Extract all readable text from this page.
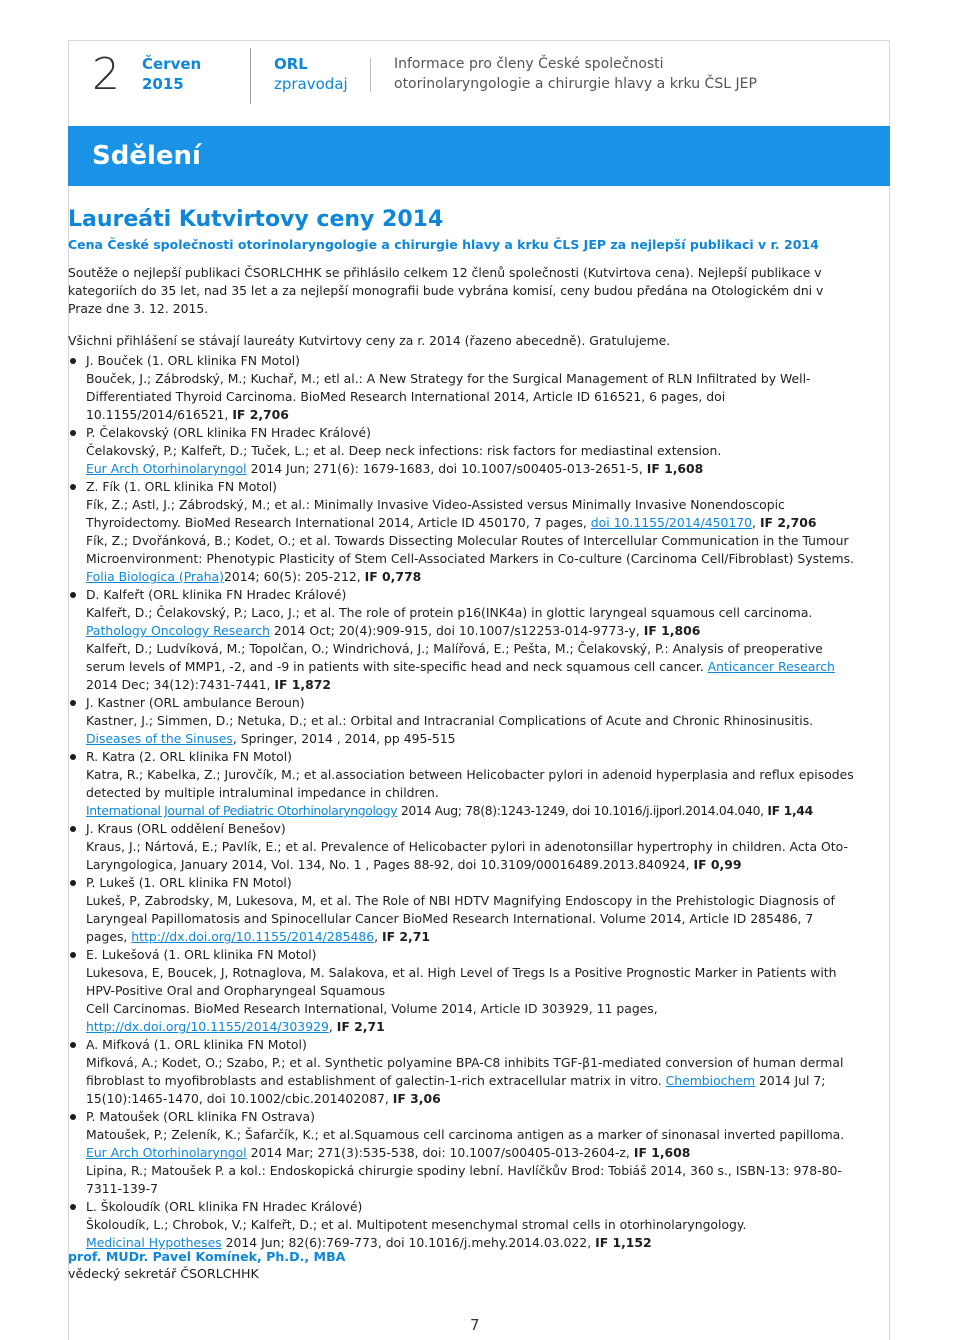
2 Červen
2015
ORL
zpravodaj
Informace pro členy České společnosti
otorinolaryngologie a chirurgie hlavy a krku ČSL JEP
Sdělení
Laureáti Kutvirtovy ceny 2014
Cena České společnosti otorinolaryngologie a chirurgie hlavy a krku ČLS JEP za nejlepší publikaci v r. 2014

Soutěže o nejlepší publikaci ČSORLCHHK se přihlásilo celkem 12 členů společnosti (Kutvirtova cena). Nejlepší publikace v kategoriích do 35 let, nad 35 let a za nejlepší monografii bude vybrána komisí, ceny budou předána na Otologickém dni v Praze dne 3. 12. 2015.

Všichni přihlášení se stávají laureáty Kutvirtovy ceny za r. 2014 (řazeno abecedně). Gratulujeme.

J. Bouček (1. ORL klinika FN Motol)
Bouček, J.; Zábrodský, M.; Kuchař, M.; etl al.: A New Strategy for the Surgical Management of RLN Infiltrated by Well-Differentiated Thyroid Carcinoma. BioMed Research International 2014, Article ID 616521, 6 pages, doi 10.1155/2014/616521, IF 2,706
P. Čelakovský (ORL klinika FN Hradec Králové)
Čelakovský, P.; Kalfeřt, D.; Tuček, L.; et al. Deep neck infections: risk factors for mediastinal extension.
Eur Arch Otorhinolaryngol 2014 Jun; 271(6): 1679-1683, doi 10.1007/s00405-013-2651-5, IF 1,608
Z. Fík (1. ORL klinika FN Motol)
Fík, Z.; Astl, J.; Zábrodský, M.; et al.: Minimally Invasive Video-Assisted versus Minimally Invasive Nonendoscopic Thyroidectomy. BioMed Research International 2014, Article ID 450170, 7 pages, doi 10.1155/2014/450170, IF 2,706
Fík, Z.; Dvořánková, B.; Kodet, O.; et al. Towards Dissecting Molecular Routes of Intercellular Communication in the Tumour Microenvironment: Phenotypic Plasticity of Stem Cell-Associated Markers in Co-culture (Carcinoma Cell/Fibroblast) Systems. Folia Biologica (Praha)2014; 60(5): 205-212, IF 0,778
D. Kalfeřt (ORL klinika FN Hradec Králové)
Kalfeřt, D.; Čelakovský, P.; Laco, J.; et al. The role of protein p16(INK4a) in glottic laryngeal squamous cell carcinoma. Pathology Oncology Research 2014 Oct; 20(4):909-915, doi 10.1007/s12253-014-9773-y, IF 1,806
Kalfeřt, D.; Ludvíková, M.; Topolčan, O.; Windrichová, J.; Malířová, E.; Pešta, M.; Čelakovský, P.: Analysis of preoperative serum levels of MMP1, -2, and -9 in patients with site-specific head and neck squamous cell cancer. Anticancer Research 2014 Dec; 34(12):7431-7441, IF 1,872
J. Kastner (ORL ambulance Beroun)
Kastner, J.; Simmen, D.; Netuka, D.; et al.: Orbital and Intracranial Complications of Acute and Chronic Rhinosinusitis. Diseases of the Sinuses, Springer, 2014 , 2014, pp 495-515
R. Katra (2. ORL klinika FN Motol)
Katra, R.; Kabelka, Z.; Jurovčík, M.; et al.association between Helicobacter pylori in adenoid hyperplasia and reflux episodes detected by multiple intraluminal impedance in children.
International Journal of Pediatric Otorhinolaryngology 2014 Aug; 78(8):1243-1249, doi 10.1016/j.ijporl.2014.04.040, IF 1,44
J. Kraus (ORL oddělení Benešov)
Kraus, J.; Nártová, E.; Pavlík, E.; et al. Prevalence of Helicobacter pylori in adenotonsillar hypertrophy in children. Acta Oto-Laryngologica, January 2014, Vol. 134, No. 1 , Pages 88-92, doi 10.3109/00016489.2013.840924, IF 0,99
P. Lukeš (1. ORL klinika FN Motol)
Lukeš, P, Zabrodsky, M, Lukesova, M, et al. The Role of NBI HDTV Magnifying Endoscopy in the Prehistologic Diagnosis of Laryngeal Papillomatosis and Spinocellular Cancer BioMed Research International. Volume 2014, Article ID 285486, 7 pages, http://dx.doi.org/10.1155/2014/285486, IF 2,71
E. Lukešová (1. ORL klinika FN Motol)
Lukesova, E, Boucek, J, Rotnaglova, M. Salakova, et al. High Level of Tregs Is a Positive Prognostic Marker in Patients with HPV-Positive Oral and Oropharyngeal Squamous
Cell Carcinomas. BioMed Research International, Volume 2014, Article ID 303929, 11 pages, http://dx.doi.org/10.1155/2014/303929, IF 2,71
A. Mifková (1. ORL klinika FN Motol)
Mifková, A.; Kodet, O.; Szabo, P.; et al. Synthetic polyamine BPA-C8 inhibits TGF-β1-mediated conversion of human dermal fibroblast to myofibroblasts and establishment of galectin-1-rich extracellular matrix in vitro. Chembiochem 2014 Jul 7; 15(10):1465-1470, doi 10.1002/cbic.201402087, IF 3,06
P. Matoušek (ORL klinika FN Ostrava)
Matoušek, P.; Zeleník, K.; Šafarčík, K.; et al.Squamous cell carcinoma antigen as a marker of sinonasal inverted papilloma.
Eur Arch Otorhinolaryngol 2014 Mar; 271(3):535-538, doi: 10.1007/s00405-013-2604-z, IF 1,608
Lipina, R.; Matoušek P. a kol.: Endoskopická chirurgie spodiny lební. Havlíčkův Brod: Tobiáš 2014, 360 s., ISBN-13: 978-80-7311-139-7
L. Školoudík (ORL klinika FN Hradec Králové)
Školoudík, L.; Chrobok, V.; Kalfeřt, D.; et al. Multipotent mesenchymal stromal cells in otorhinolaryngology.
Medicinal Hypotheses 2014 Jun; 82(6):769-773, doi 10.1016/j.mehy.2014.03.022, IF 1,152
prof. MUDr. Pavel Komínek, Ph.D., MBA
vědecký sekretář ČSORLCHHK
7
